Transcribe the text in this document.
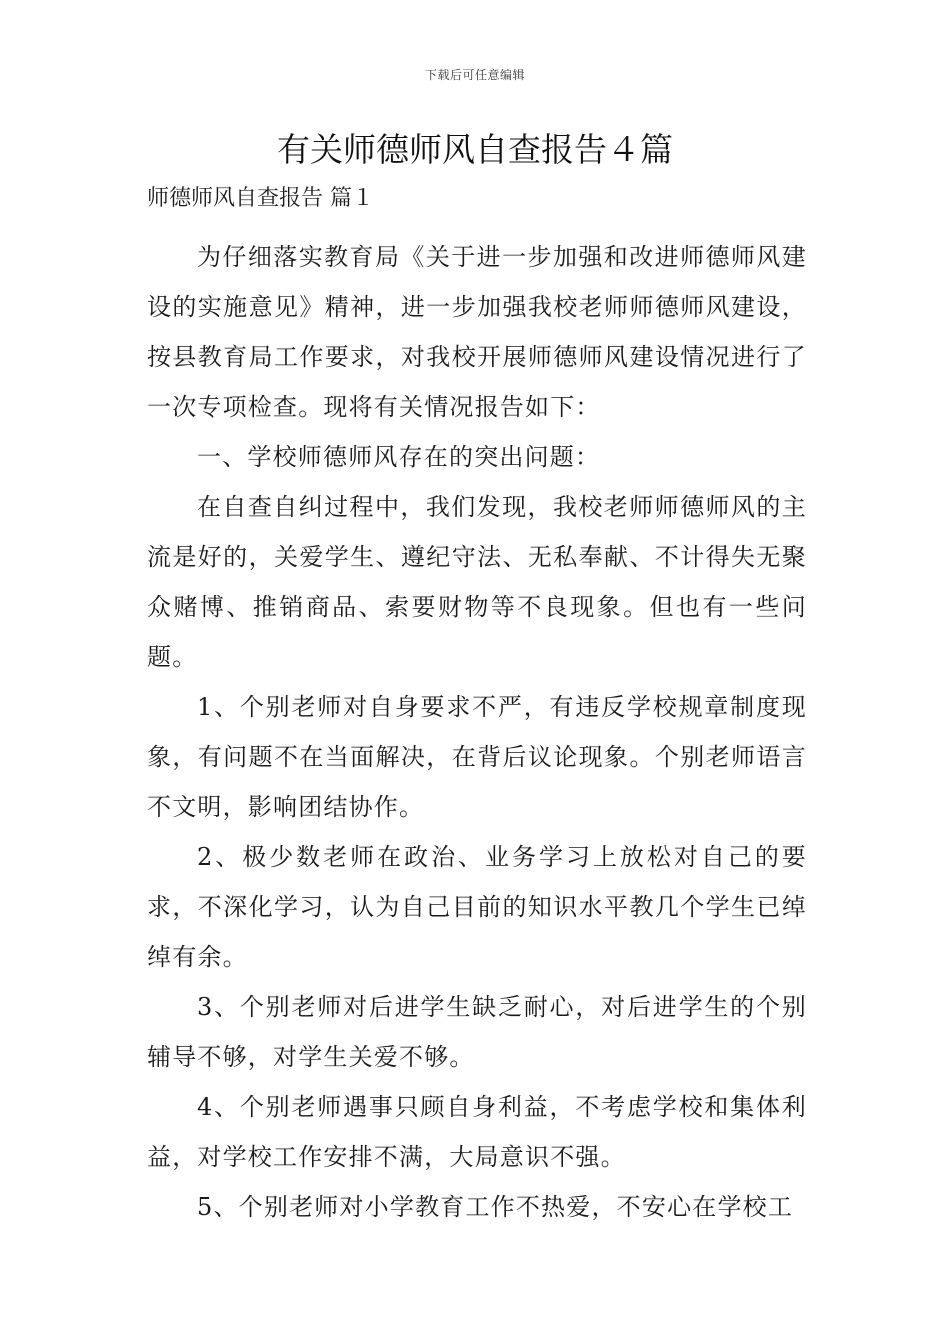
下载后可任意编辑
有关师德师风自查报告４篇
师德师风自查报告 篇１

为仔细落实教育局《关于进一步加强和改进师德师风建设的实施意见》精神，进一步加强我校老师师德师风建设，按县教育局工作要求，对我校开展师德师风建设情况进行了一次专项检查。现将有关情况报告如下：

一、学校师德师风存在的突出问题：

在自查自纠过程中，我们发现，我校老师师德师风的主流是好的，关爱学生、遵纪守法、无私奉献、不计得失无聚众赌博、推销商品、索要财物等不良现象。但也有一些问题。

1、个别老师对自身要求不严，有违反学校规章制度现象，有问题不在当面解决，在背后议论现象。个别老师语言不文明，影响团结协作。

2、极少数老师在政治、业务学习上放松对自己的要求，不深化学习，认为自己目前的知识水平教几个学生已绰绰有余。

3、个别老师对后进学生缺乏耐心，对后进学生的个别辅导不够，对学生关爱不够。

4、个别老师遇事只顾自身利益，不考虑学校和集体利益，对学校工作安排不满，大局意识不强。

5、个别老师对小学教育工作不热爱，不安心在学校工
